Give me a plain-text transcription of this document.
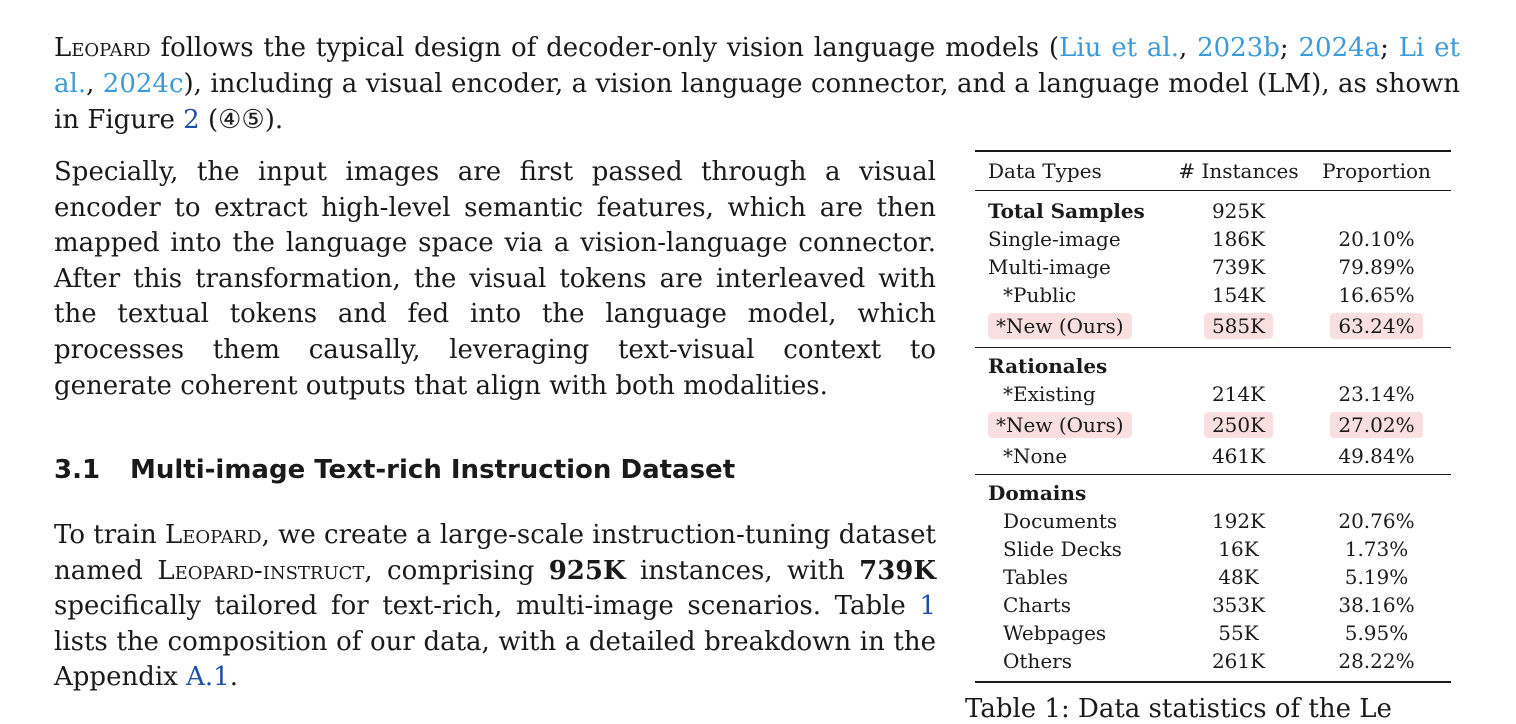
Leopard follows the typical design of decoder-only vision language models (Liu et al., 2023b; 2024a; Li et al., 2024c), including a visual encoder, a vision language connector, and a language model (LM), as shown in Figure 2 (④⑤).

Specially, the input images are first passed through a visual encoder to extract high-level semantic features, which are then mapped into the language space via a vision-language connector. After this transformation, the visual tokens are interleaved with the textual tokens and fed into the language model, which processes them causally, leveraging text-visual context to generate coherent outputs that align with both modalities.

3.1 Multi-image Text-rich Instruction Dataset

To train Leopard, we create a large-scale instruction-tuning dataset named Leopard-instruct, comprising 925K instances, with 739K specifically tailored for text-rich, multi-image scenarios. Table 1 lists the composition of our data, with a detailed breakdown in the Appendix A.1.

Data Types	# Instances	Proportion
Total Samples	925K
Single-image	186K	20.10%
Multi-image	739K	79.89%
*Public	154K	16.65%
*New (Ours)	585K	63.24%
Rationales
*Existing	214K	23.14%
*New (Ours)	250K	27.02%
*None	461K	49.84%
Domains
Documents	192K	20.76%
Slide Decks	16K	1.73%
Tables	48K	5.19%
Charts	353K	38.16%
Webpages	55K	5.95%
Others	261K	28.22%
Table 1: Data statistics of the Le
